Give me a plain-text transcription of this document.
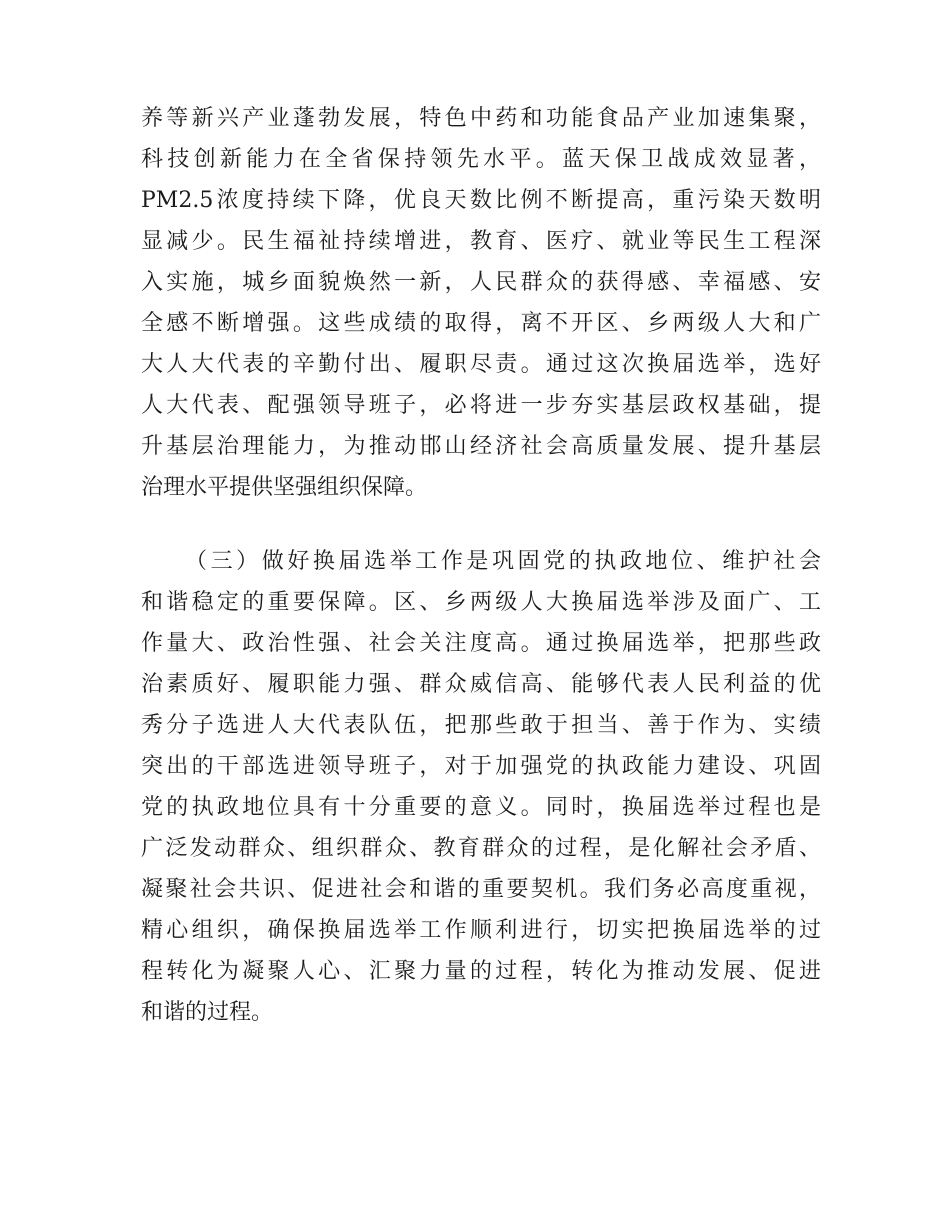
养等新兴产业蓬勃发展，特色中药和功能食品产业加速集聚，
科技创新能力在全省保持领先水平。蓝天保卫战成效显著，
PM2.5浓度持续下降，优良天数比例不断提高，重污染天数明
显减少。民生福祉持续增进，教育、医疗、就业等民生工程深
入实施，城乡面貌焕然一新，人民群众的获得感、幸福感、安
全感不断增强。这些成绩的取得，离不开区、乡两级人大和广
大人大代表的辛勤付出、履职尽责。通过这次换届选举，选好
人大代表、配强领导班子，必将进一步夯实基层政权基础，提
升基层治理能力，为推动邯山经济社会高质量发展、提升基层
治理水平提供坚强组织保障。
（三）做好换届选举工作是巩固党的执政地位、维护社会
和谐稳定的重要保障。区、乡两级人大换届选举涉及面广、工
作量大、政治性强、社会关注度高。通过换届选举，把那些政
治素质好、履职能力强、群众威信高、能够代表人民利益的优
秀分子选进人大代表队伍，把那些敢于担当、善于作为、实绩
突出的干部选进领导班子，对于加强党的执政能力建设、巩固
党的执政地位具有十分重要的意义。同时，换届选举过程也是
广泛发动群众、组织群众、教育群众的过程，是化解社会矛盾、
凝聚社会共识、促进社会和谐的重要契机。我们务必高度重视，
精心组织，确保换届选举工作顺利进行，切实把换届选举的过
程转化为凝聚人心、汇聚力量的过程，转化为推动发展、促进
和谐的过程。
